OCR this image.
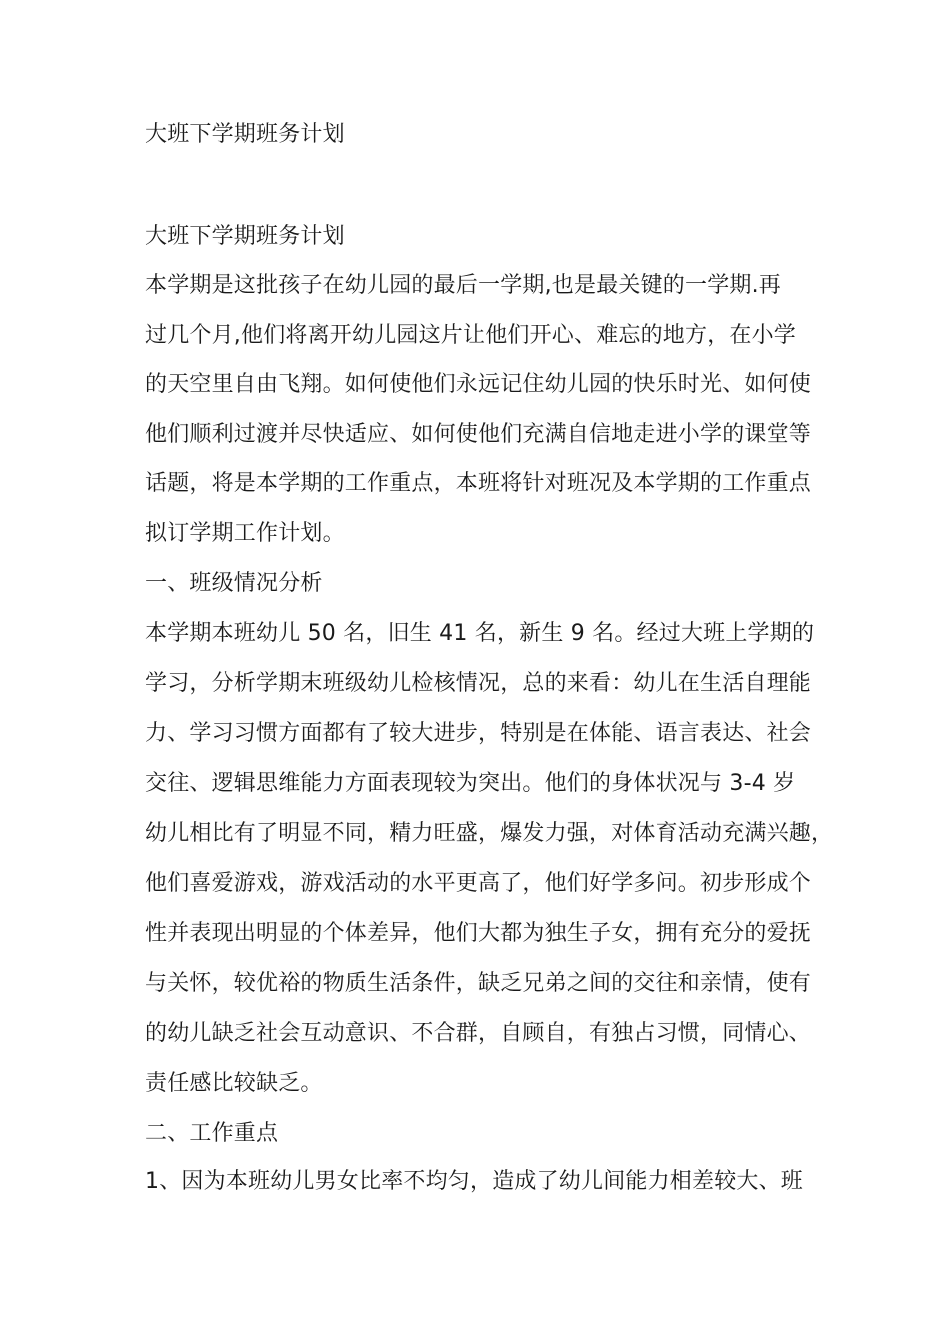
大班下学期班务计划
大班下学期班务计划
本学期是这批孩子在幼儿园的最后一学期,也是最关键的一学期.再
过几个月,他们将离开幼儿园这片让他们开心、难忘的地方，在小学
的天空里自由飞翔。如何使他们永远记住幼儿园的快乐时光、如何使
他们顺利过渡并尽快适应、如何使他们充满自信地走进小学的课堂等
话题，将是本学期的工作重点，本班将针对班况及本学期的工作重点
拟订学期工作计划。
一、班级情况分析
本学期本班幼儿 50 名，旧生 41 名，新生 9 名。经过大班上学期的
学习，分析学期末班级幼儿检核情况，总的来看：幼儿在生活自理能
力、学习习惯方面都有了较大进步，特别是在体能、语言表达、社会
交往、逻辑思维能力方面表现较为突出。他们的身体状况与 3-4 岁
幼儿相比有了明显不同，精力旺盛，爆发力强，对体育活动充满兴趣，
他们喜爱游戏，游戏活动的水平更高了，他们好学多问。初步形成个
性并表现出明显的个体差异，他们大都为独生子女，拥有充分的爱抚
与关怀，较优裕的物质生活条件，缺乏兄弟之间的交往和亲情，使有
的幼儿缺乏社会互动意识、不合群，自顾自，有独占习惯，同情心、
责任感比较缺乏。
二、工作重点
1、因为本班幼儿男女比率不均匀，造成了幼儿间能力相差较大、班
